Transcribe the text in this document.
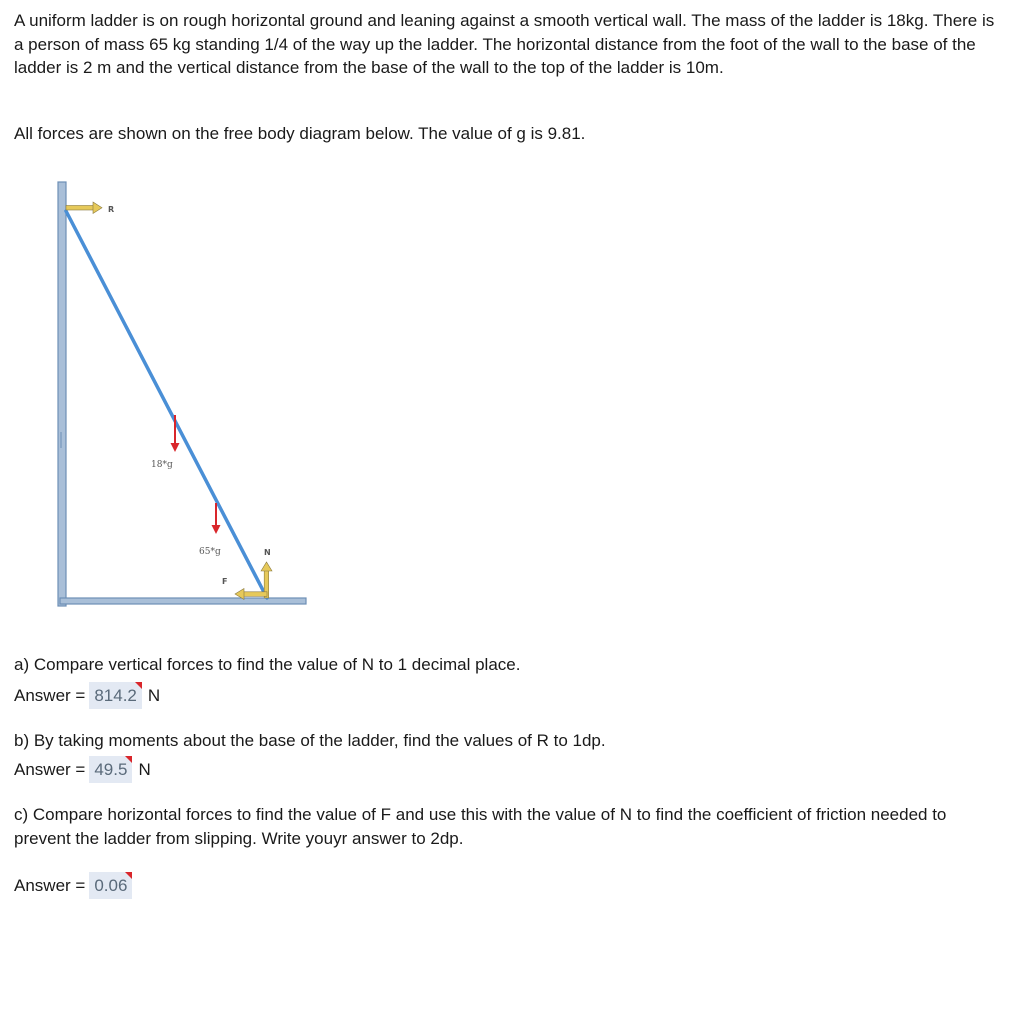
A uniform ladder is on rough horizontal ground and leaning against a smooth vertical wall. The mass of the ladder is 18kg. There is a person of mass 65 kg standing 1/4 of the way up the ladder. The horizontal distance from the foot of the wall to the base of the ladder is 2 m and the vertical distance from the base of the wall to the top of the ladder is 10m.

All forces are shown on the free body diagram below. The value of g is 9.81.

R
18*g
65*g	N
F

a) Compare vertical forces to find the value of N to 1 decimal place.

Answer = 814.2 N

b) By taking moments about the base of the ladder, find the values of R to 1dp.

Answer = 49.5 N

c) Compare horizontal forces to find the value of F and use this with the value of N to find the coefficient of friction needed to prevent the ladder from slipping. Write youyr answer to 2dp.

Answer = 0.06
